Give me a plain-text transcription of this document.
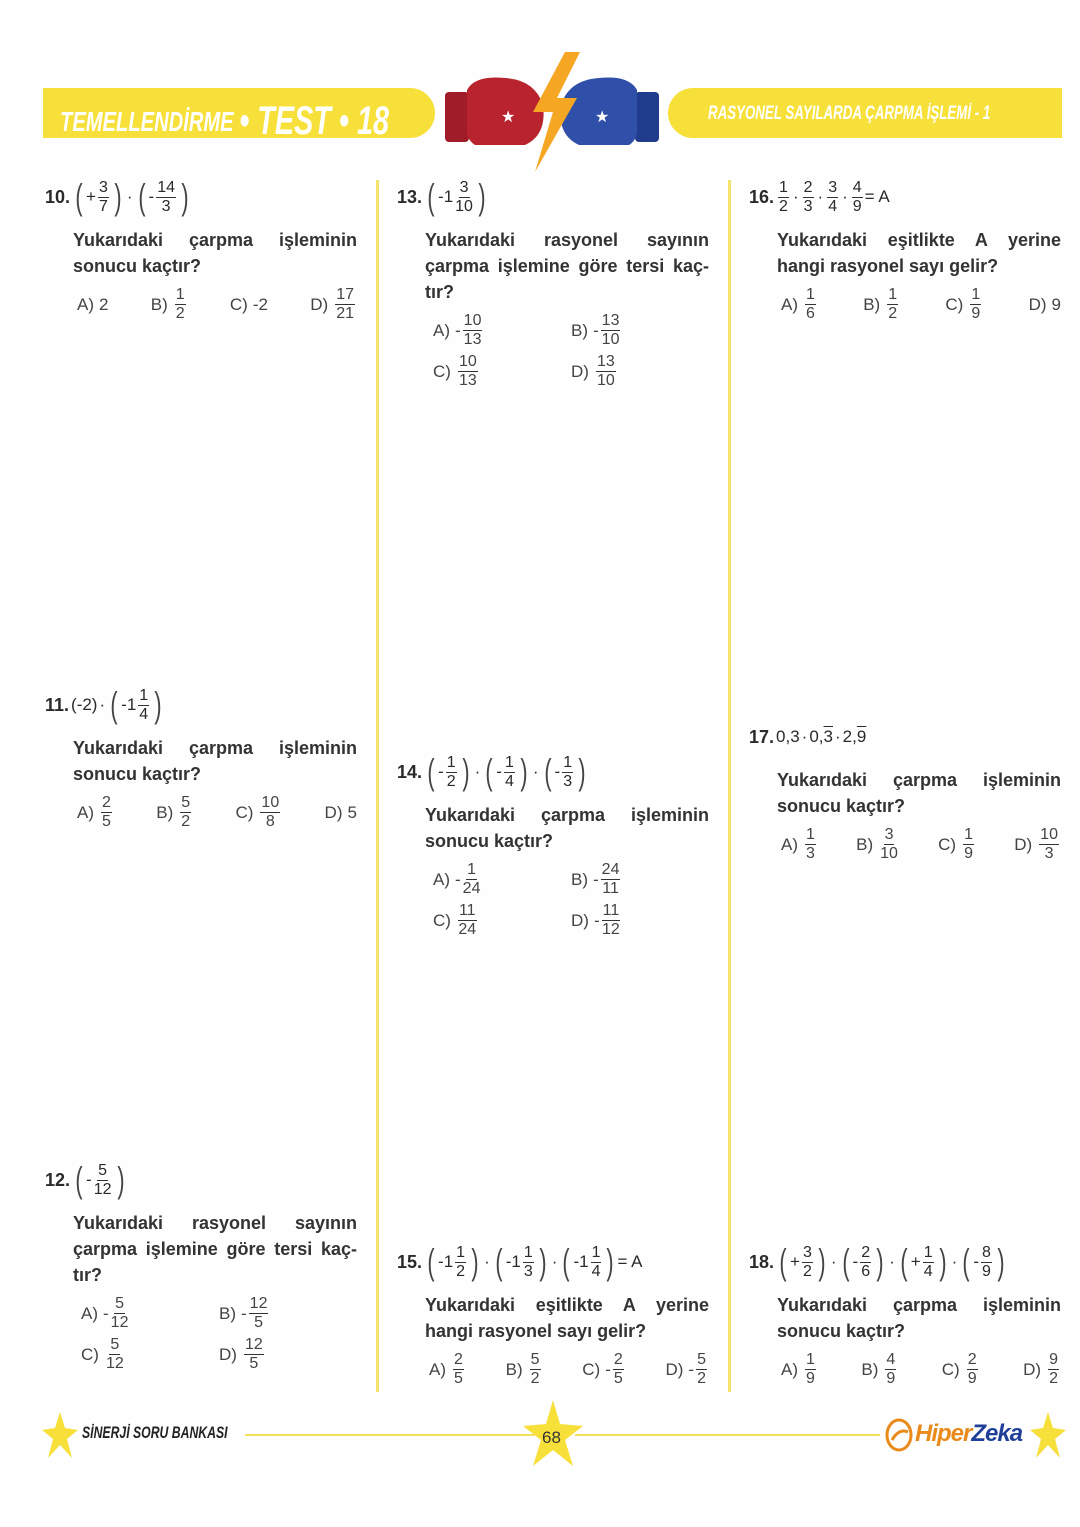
TEMELLENDİRME • TEST • 18	RASYONEL SAYILARDA ÇARPMA İŞLEMİ - 1
★	★
10. ( + $\frac{3}{7}$ ) · ( - $\frac{14}{3}$ )
Yukarıdaki çarpma işleminin sonucu kaçtır?
A) 2 $B) \frac{1}{2}$	C) -2 $D) \frac{17}{21}$
11. (-2) · ( $-1 \frac{1}{4}$ )
Yukarıdaki çarpma işleminin sonucu kaçtır?
$A) \frac{2}{5}$	$B) \frac{5}{2}$	$C) \frac{10}{8}$	D) 5
12. ( - $\frac{5}{12}$ )
Yukarıdaki rasyonel sayının çarpma işlemine göre tersi kaç-tır?
$A) - \frac{5}{12}$	$B) - \frac{12}{5}$
$C) \frac{5}{12}$	$D) \frac{12}{5}$
13. ( $-1 \frac{3}{10}$ )
Yukarıdaki rasyonel sayının çarpma işlemine göre tersi kaç-tır?
$A) - \frac{10}{13}$	$B) - \frac{13}{10}$
$C) \frac{10}{13}$	$D) \frac{13}{10}$
14. ( - $\frac{1}{2}$ ) · ( - $\frac{1}{4}$ ) · ( - $\frac{1}{3}$ )
Yukarıdaki çarpma işleminin sonucu kaçtır?
$A) - \frac{1}{24}$	$B) - \frac{24}{11}$
$C) \frac{11}{24}$	$D) - \frac{11}{12}$
15. ( $-1 \frac{1}{2}$ ) · ( $-1 \frac{1}{3}$ ) · ( $-1 \frac{1}{4}$ ) = A
Yukarıdaki eşitlikte A yerine hangi rasyonel sayı gelir?
$A) \frac{2}{5} B) \frac{5}{2} C) - \frac{2}{5} D) - \frac{5}{2}$
16. $\frac{1}{2} \cdot \frac{2}{3} \cdot \frac{3}{4} \cdot \frac{4}{9} = A$
Yukarıdaki eşitlikte A yerine hangi rasyonel sayı gelir?
$A) \frac{1}{6}$	$B) \frac{1}{2}$	$C) \frac{1}{9}$	D) 9
17. 0,3 · 0, 3 · 2, 9
Yukarıdaki çarpma işleminin sonucu kaçtır?
$A) \frac{1}{3} B) \frac{3}{10} C) \frac{1}{9} D) \frac{10}{3}$
18. ( + $\frac{3}{2}$ ) · ( - $\frac{2}{6}$ ) · ( + $\frac{1}{4}$ ) · ( - $\frac{8}{9}$ )
Yukarıdaki çarpma işleminin sonucu kaçtır?
$A) \frac{1}{9}$	$B) \frac{4}{9}$	$C) \frac{2}{9}$	$D) \frac{9}{2}$
SİNERJİ SORU BANKASI	68	HiperZeka
